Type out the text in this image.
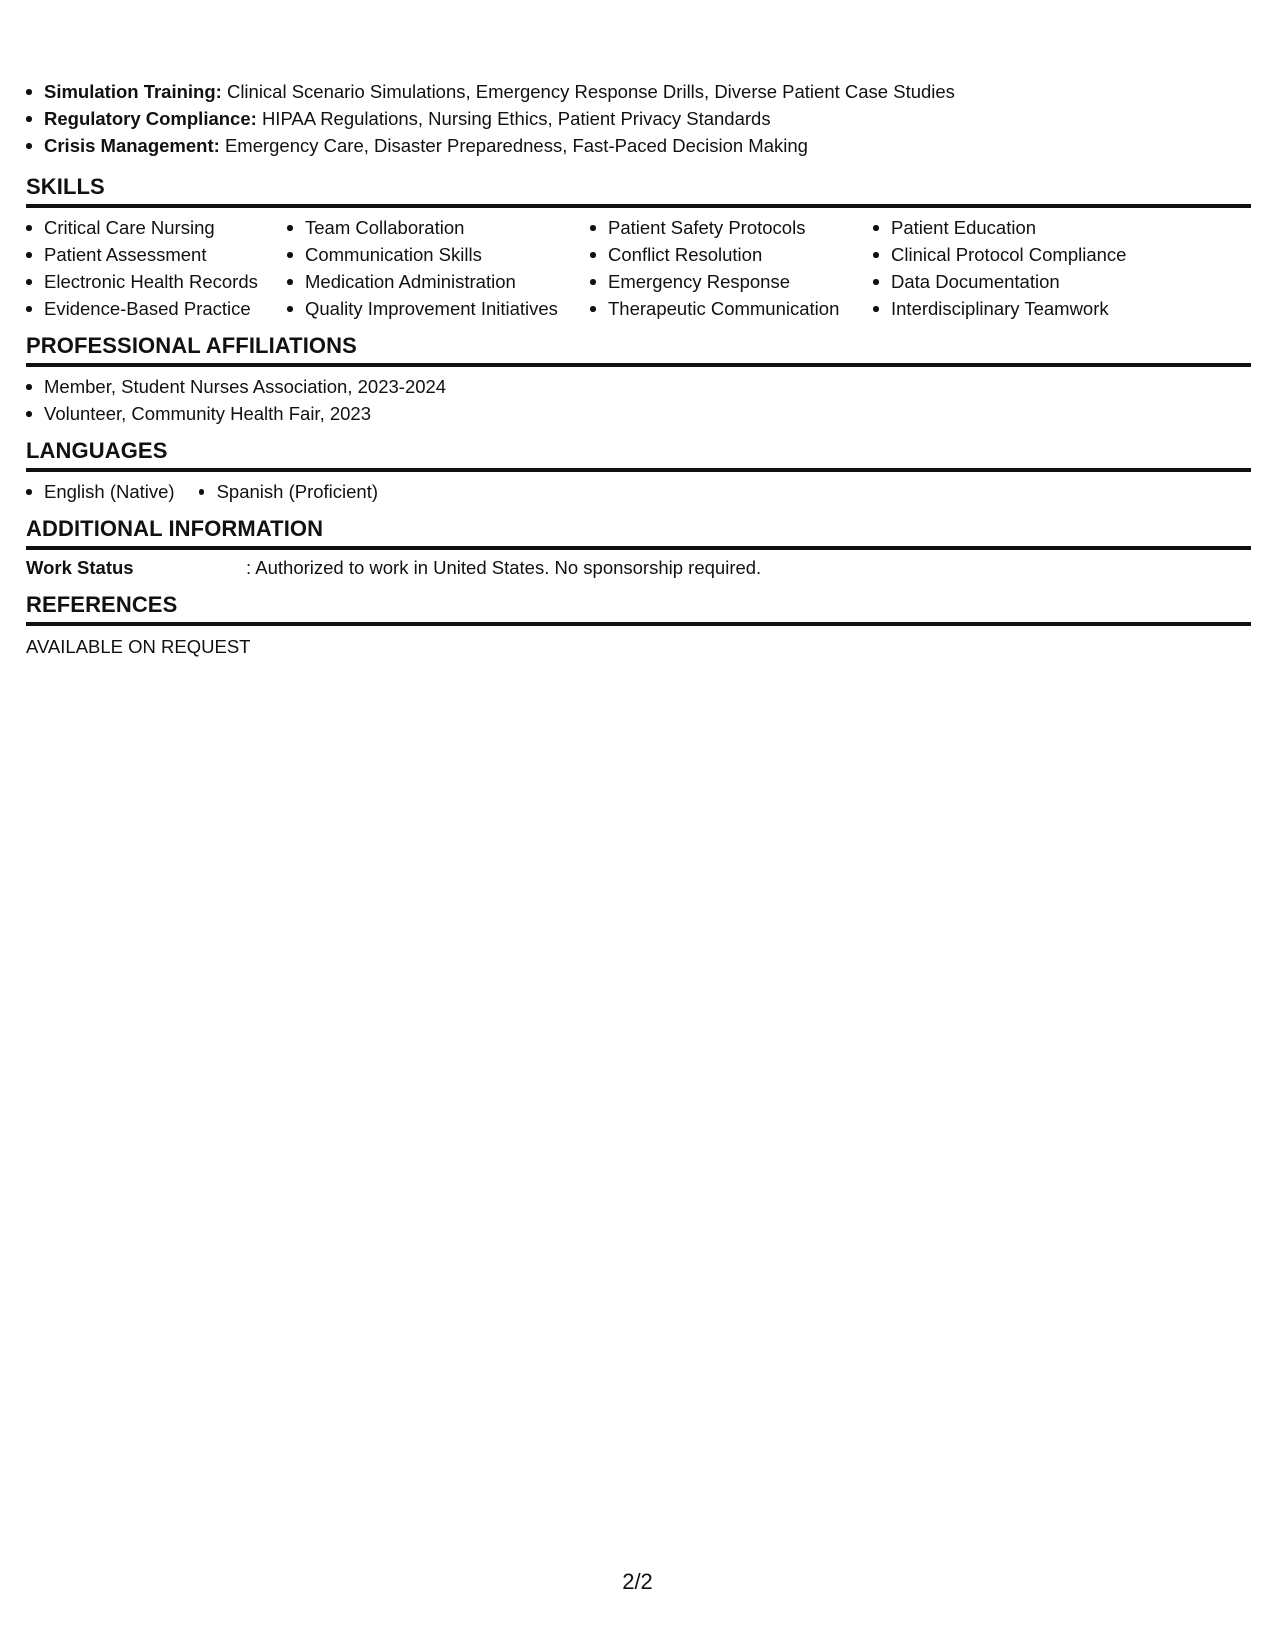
Simulation Training: Clinical Scenario Simulations, Emergency Response Drills, Diverse Patient Case Studies
Regulatory Compliance: HIPAA Regulations, Nursing Ethics, Patient Privacy Standards
Crisis Management: Emergency Care, Disaster Preparedness, Fast-Paced Decision Making
SKILLS
Critical Care Nursing
Patient Assessment
Electronic Health Records
Evidence-Based Practice
Team Collaboration
Communication Skills
Medication Administration
Quality Improvement Initiatives
Patient Safety Protocols
Conflict Resolution
Emergency Response
Therapeutic Communication
Patient Education
Clinical Protocol Compliance
Data Documentation
Interdisciplinary Teamwork
PROFESSIONAL AFFILIATIONS
Member, Student Nurses Association, 2023-2024
Volunteer, Community Health Fair, 2023
LANGUAGES
English (Native)	Spanish (Proficient)
ADDITIONAL INFORMATION
Work Status	: Authorized to work in United States. No sponsorship required.
REFERENCES
AVAILABLE ON REQUEST
2/2
